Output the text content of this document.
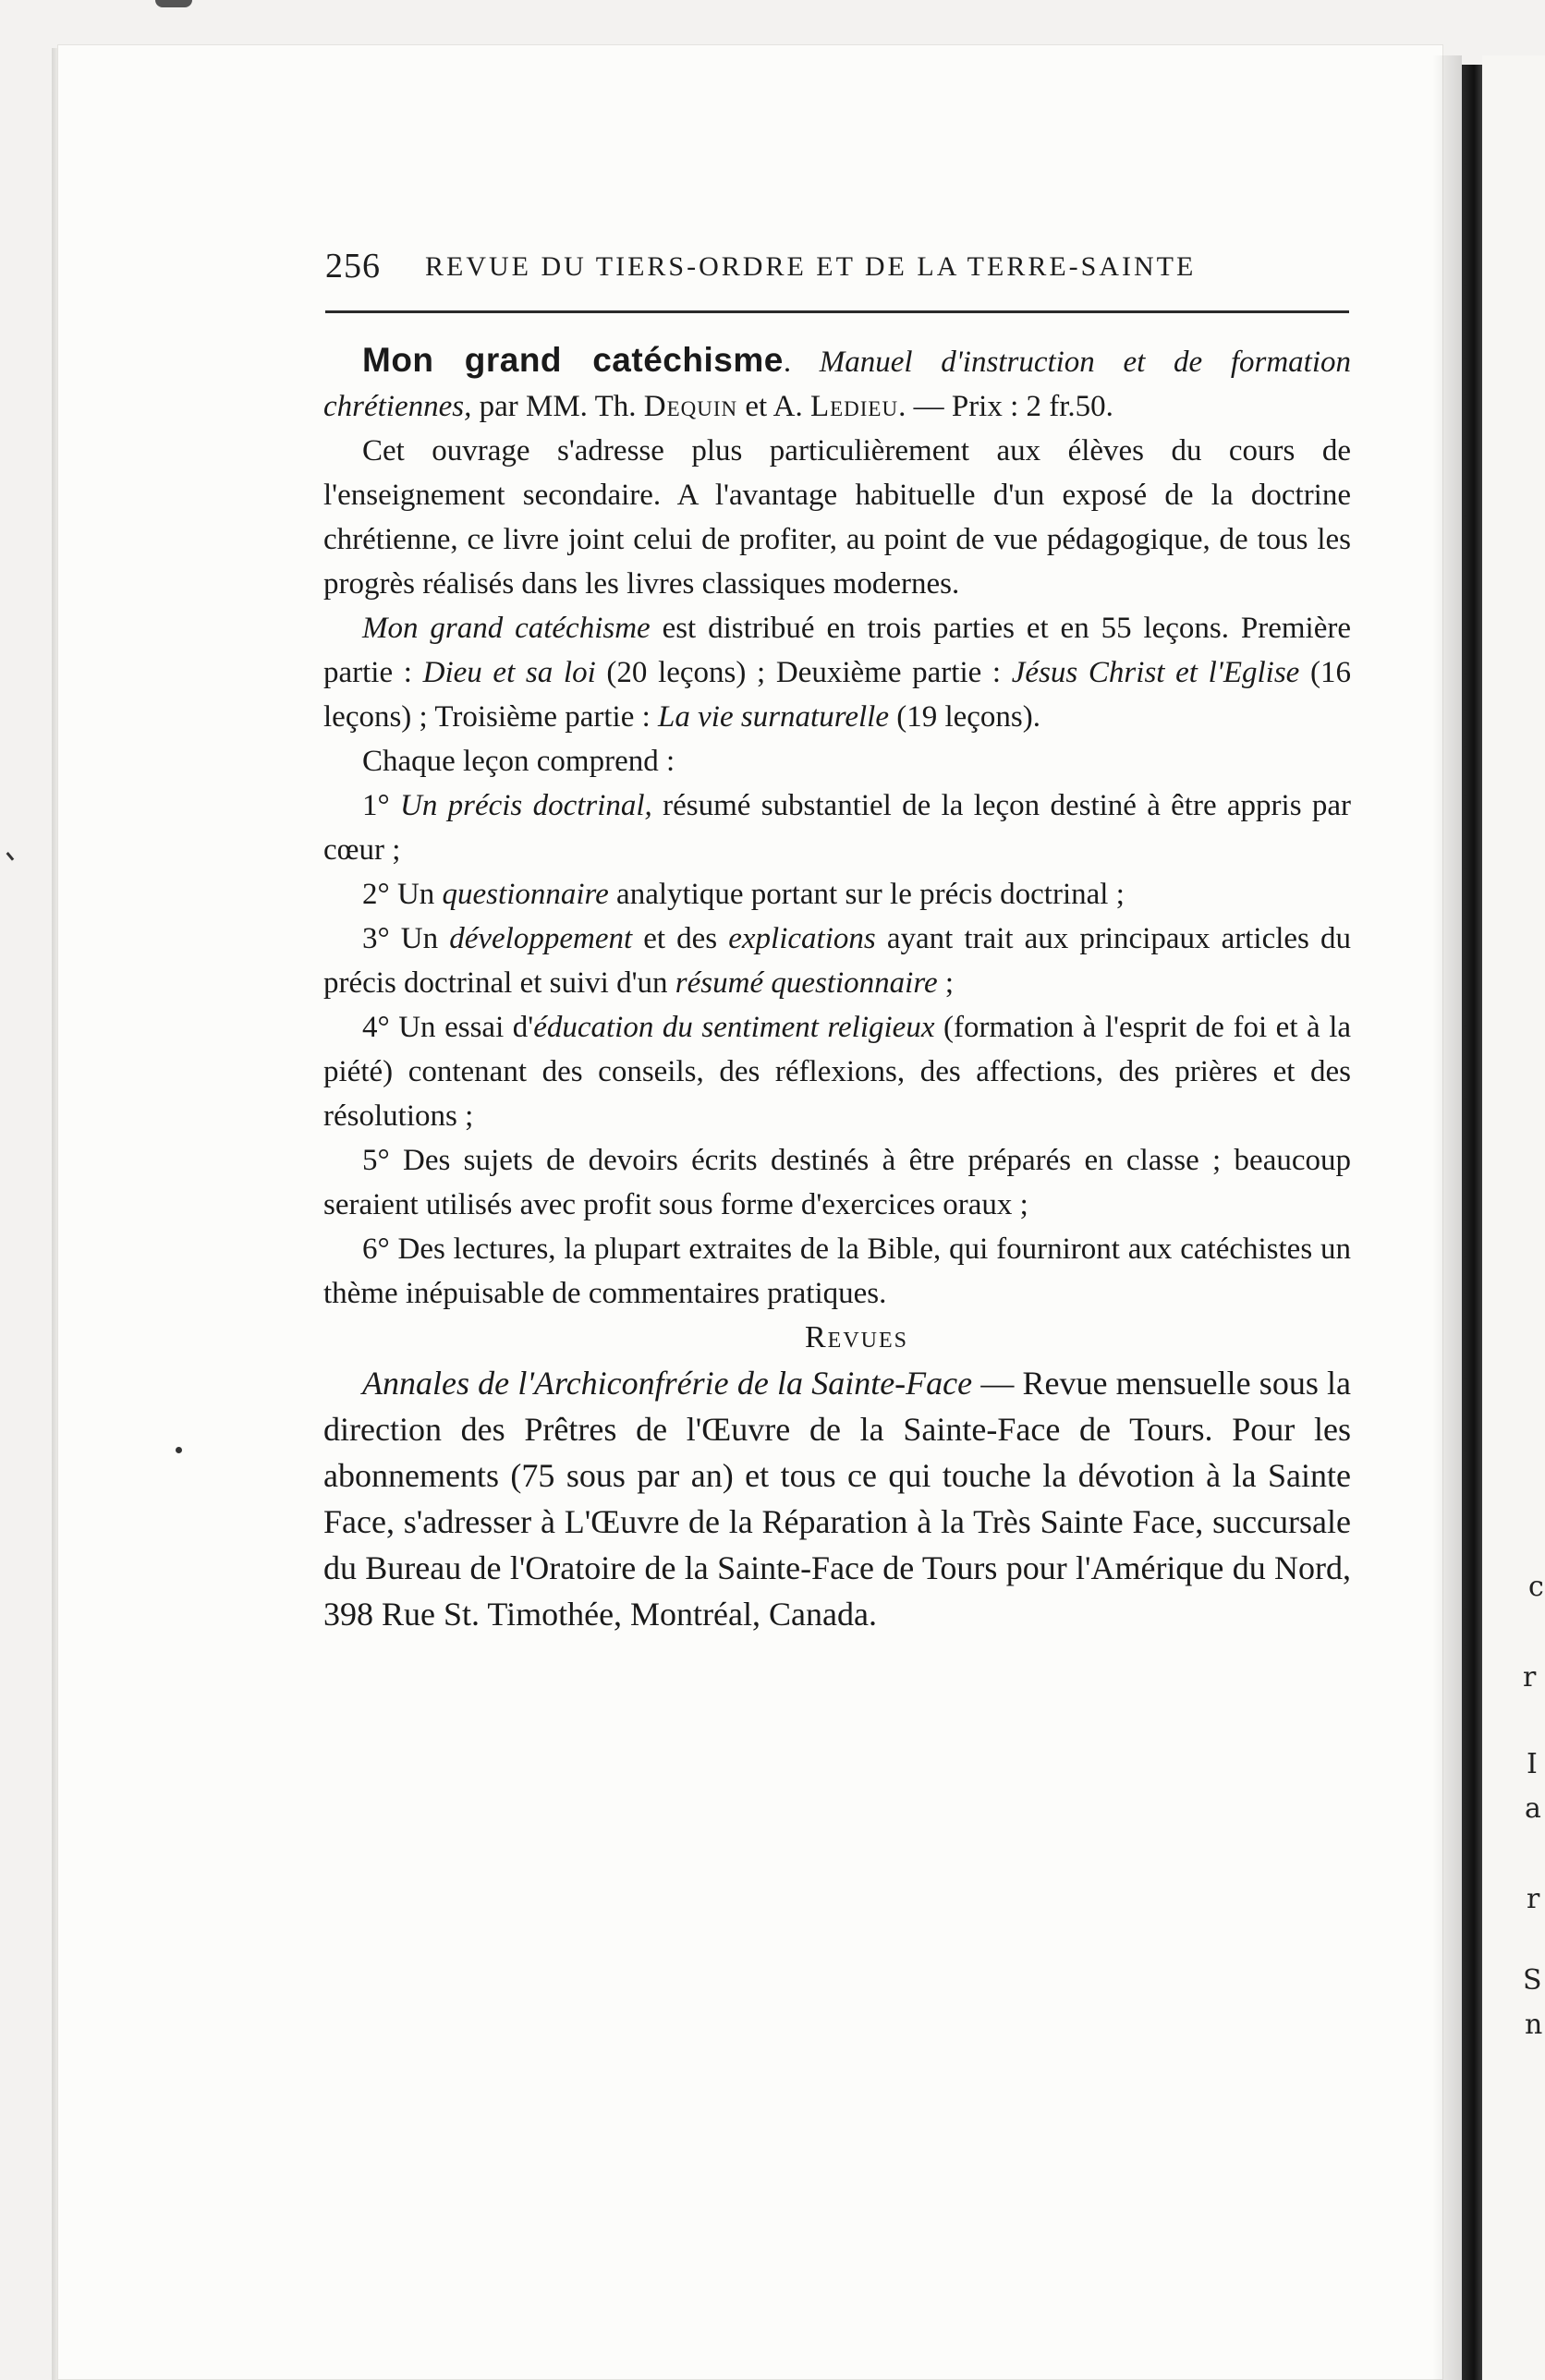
r
I
a
r
S
n
c
256 REVUE DU TIERS-ORDRE ET DE LA TERRE-SAINTE

Mon grand catéchisme. Manuel d'instruction et de formation chrétiennes, par MM. Th. Dequin et A. Ledieu. — Prix : 2 fr.50.

Cet ouvrage s'adresse plus particulièrement aux élèves du cours de l'enseignement secondaire. A l'avantage habituelle d'un exposé de la doctrine chrétienne, ce livre joint celui de profiter, au point de vue pédagogique, de tous les progrès réalisés dans les livres classiques modernes.

Mon grand catéchisme est distribué en trois parties et en 55 leçons. Première partie : Dieu et sa loi (20 leçons) ; Deuxième partie : Jésus Christ et l'Eglise (16 leçons) ; Troisième partie : La vie surnaturelle (19 leçons).

Chaque leçon comprend :

1° Un précis doctrinal, résumé substantiel de la leçon destiné à être appris par cœur ;

2° Un questionnaire analytique portant sur le précis doctrinal ;

3° Un développement et des explications ayant trait aux principaux articles du précis doctrinal et suivi d'un résumé questionnaire ;

4° Un essai d'éducation du sentiment religieux (formation à l'esprit de foi et à la piété) contenant des conseils, des réflexions, des affections, des prières et des résolutions ;

5° Des sujets de devoirs écrits destinés à être préparés en classe ; beaucoup seraient utilisés avec profit sous forme d'exercices oraux ;

6° Des lectures, la plupart extraites de la Bible, qui fourniront aux catéchistes un thème inépuisable de commentaires pratiques.

Revues

Annales de l'Archiconfrérie de la Sainte-Face — Revue mensuelle sous la direction des Prêtres de l'Œuvre de la Sainte-Face de Tours. Pour les abonnements (75 sous par an) et tous ce qui touche la dévotion à la Sainte Face, s'adresser à L'Œuvre de la Réparation à la Très Sainte Face, succursale du Bureau de l'Oratoire de la Sainte-Face de Tours pour l'Amérique du Nord, 398 Rue St. Timothée, Montréal, Canada.
